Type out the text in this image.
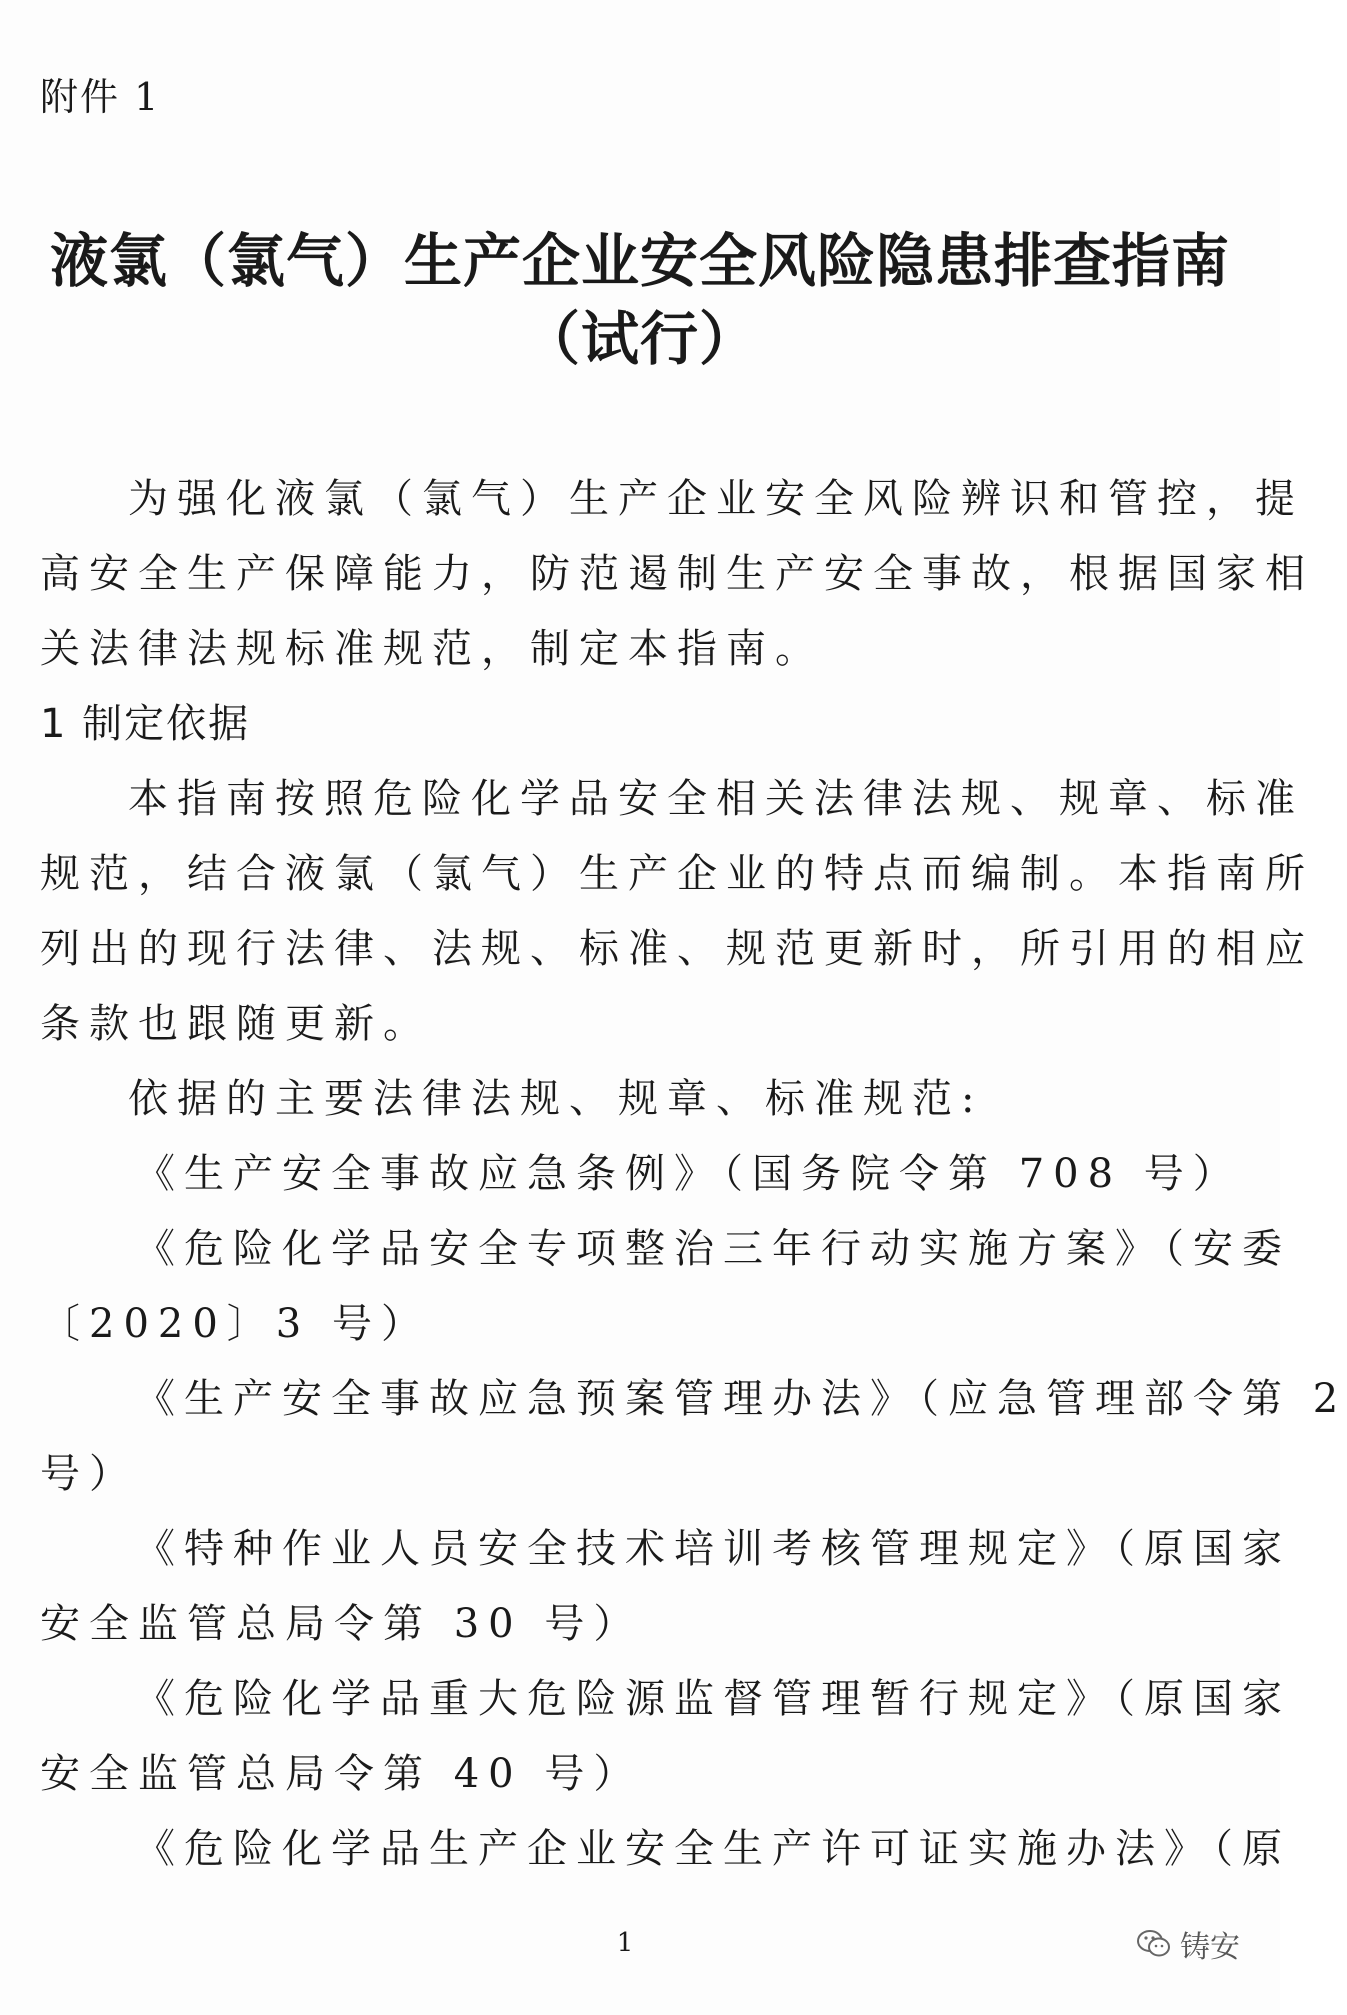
附件 1
液氯（氯气）生产企业安全风险隐患排查指南
（试行）
为强化液氯（氯气）生产企业安全风险辨识和管控，提
高安全生产保障能力，防范遏制生产安全事故，根据国家相
关法律法规标准规范，制定本指南。
1 制定依据
本指南按照危险化学品安全相关法律法规、规章、标准
规范，结合液氯（氯气）生产企业的特点而编制。本指南所
列出的现行法律、法规、标准、规范更新时，所引用的相应
条款也跟随更新。
依据的主要法律法规、规章、标准规范:
《生产安全事故应急条例》（国务院令第 708 号）
《危险化学品安全专项整治三年行动实施方案》（安委
〔2020〕3 号）
《生产安全事故应急预案管理办法》（应急管理部令第 2
号）
《特种作业人员安全技术培训考核管理规定》（原国家
安全监管总局令第 30 号）
《危险化学品重大危险源监督管理暂行规定》（原国家
安全监管总局令第 40 号）
《危险化学品生产企业安全生产许可证实施办法》（原
1	铸安
